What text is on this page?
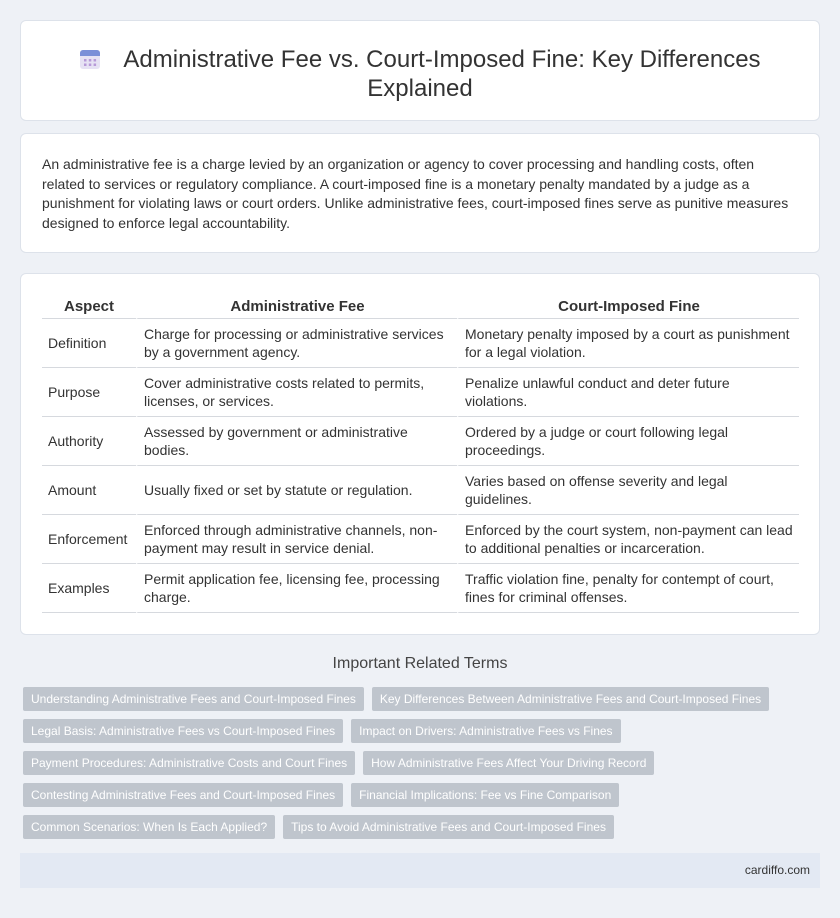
Administrative Fee vs. Court-Imposed Fine: Key Differences
Explained

An administrative fee is a charge levied by an organization or agency to cover processing and handling costs, often related to services or regulatory compliance. A court-imposed fine is a monetary penalty mandated by a judge as a punishment for violating laws or court orders. Unlike administrative fees, court-imposed fines serve as punitive measures designed to enforce legal accountability.

Aspect	Administrative Fee	Court-Imposed Fine
Definition	Charge for processing or administrative services by a government agency.	Monetary penalty imposed by a court as punishment for a legal violation.
Purpose	Cover administrative costs related to permits, licenses, or services.	Penalize unlawful conduct and deter future violations.
Authority	Assessed by government or administrative bodies.	Ordered by a judge or court following legal proceedings.
Amount	Usually fixed or set by statute or regulation.	Varies based on offense severity and legal guidelines.
Enforcement	Enforced through administrative channels, non-payment may result in service denial.	Enforced by the court system, non-payment can lead to additional penalties or incarceration.
Examples	Permit application fee, licensing fee, processing charge.	Traffic violation fine, penalty for contempt of court, fines for criminal offenses.
Important Related Terms
Understanding Administrative Fees and Court-Imposed Fines	Key Differences Between Administrative Fees and Court-Imposed Fines
Legal Basis: Administrative Fees vs Court-Imposed Fines	Impact on Drivers: Administrative Fees vs Fines
Payment Procedures: Administrative Costs and Court Fines	How Administrative Fees Affect Your Driving Record
Contesting Administrative Fees and Court-Imposed Fines	Financial Implications: Fee vs Fine Comparison
Common Scenarios: When Is Each Applied?	Tips to Avoid Administrative Fees and Court-Imposed Fines
cardiffo.com
